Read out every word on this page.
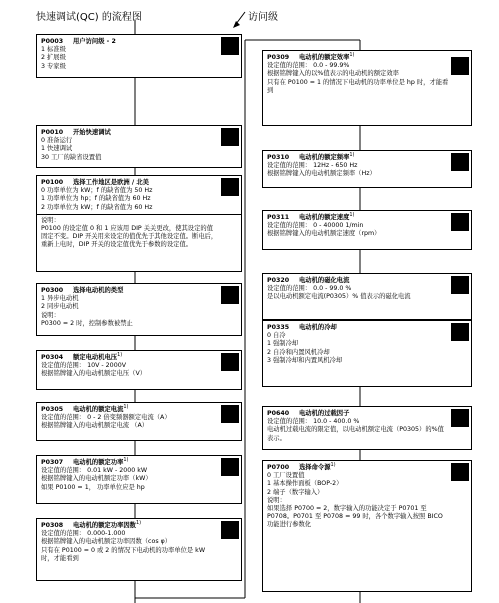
快速调试(QC) 的流程图	访问级
P0003 用户访问级 - 2
1 标准级
2 扩展级
3 专家级
P0010 开始快速调试
0 准备运行
1 快速调试
30 工厂的缺省设置值
P0100 选择工作地区是欧洲 / 北美
0 功率单位为 kW；f 的缺省值为 50 Hz
1 功率单位为 hp；f 的缺省值为 60 Hz
2 功率单位为 kW；f 的缺省值为 60 Hz
说明：
P0100 的设定值 0 和 1 应该用 DIP 关关更改，使其设定的值固定不变。DIP 开关用来设定的值优先于其他设定值。断电后，重新上电时，DIP 开关的设定值优先于参数的设定值。
P0300 选择电动机的类型
1 异步电动机
2 同步电动机
说明：
P0300 = 2 时，控制参数被禁止
P0304 额定电动机电压$^{1)}$
设定值的范围： 10V - 2000V
根据铭牌键入的电动机额定电压（V）
P0305 电动机的额定电流$^{1)}$
设定值的范围： 0 - 2 倍变频器额定电流（A）
根据铭牌键入的电动机额定电流 （A）
P0307 电动机的额定功率$^{1)}$
设定值的范围： 0.01 kW - 2000 kW
根据铭牌键入的电动机额定功率（kW）
如果 P0100 = 1， 功率单位应是 hp
P0308 电动机的额定功率因数$^{1)}$
设定值的范围： 0.000-1.000
根据铭牌键入的电动机额定功率因数（cos φ）
只有在 P0100 = 0 或 2 的情况下电动机的功率单位是 kW 时，才能看到
P0309 电动机的额定效率$^{1)}$
设定值的范围： 0.0 - 99.9%
根据铭牌键入的以%值表示的电动机的额定效率
只有在 P0100 = 1 的情况下电动机的功率单位是 hp 时，才能看到
P0310 电动机的额定频率$^{1)}$
设定值的范围： 12Hz - 650 Hz
根据铭牌键入的电动机额定频率（Hz）
P0311 电动机的额定速度$^{1)}$
设定值的范围： 0 - 40000 1/min
根据铭牌键入的电动机额定速度（rpm）
P0320 电动机的磁化电流
设定值的范围： 0.0 - 99.0 %
是以电动机额定电流(P0305）% 值表示的磁化电流
P0335 电动机的冷却
0 自冷
1 强制冷却
2 自冷和内置风机冷却
3 强制冷却和内置风机冷却
P0640 电动机的过载因子
设定值的范围： 10.0 - 400.0 %
电动机过载电流的限定值，以电动机额定电流（P0305）的%值表示。
P0700 选择命令源$^{1)}$
0 工厂设置值
1 基本操作面板（BOP-2）
2 端子（数字输入）
说明：
如果选择 P0700 = 2，数字输入的功能决定于 P0701 至 P0708。P0701 至 P0708 = 99 时，各个数字输入按照 BICO 功能进行参数化
